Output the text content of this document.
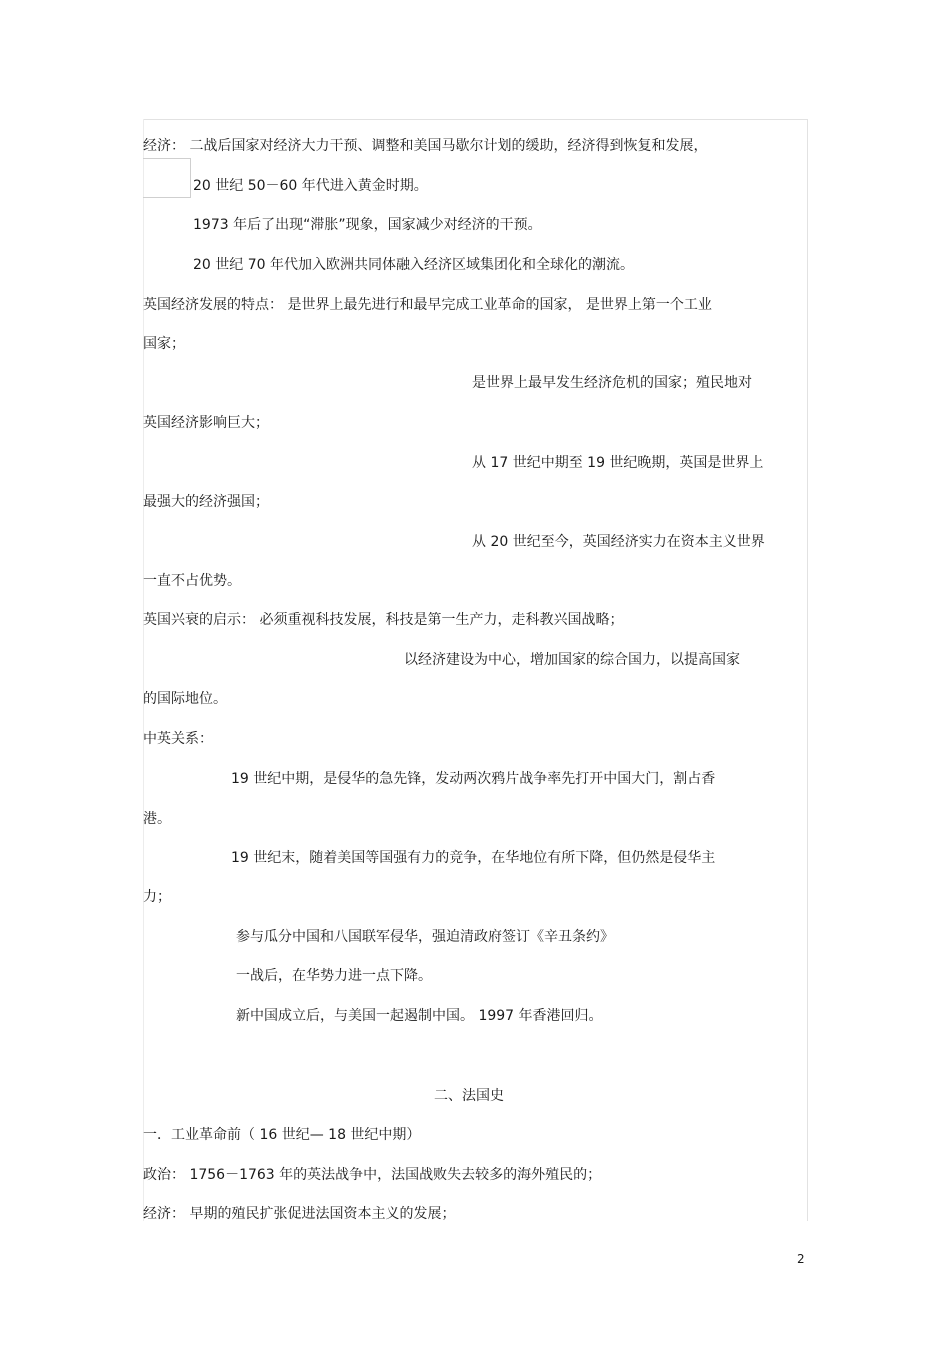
经济： 二战后国家对经济大力干预、调整和美国马歇尔计划的缓助，经济得到恢复和发展，
20 世纪 50－60 年代进入黄金时期。
1973 年后了出现“滞胀”现象，国家减少对经济的干预。
20 世纪 70 年代加入欧洲共同体融入经济区域集团化和全球化的潮流。
英国经济发展的特点： 是世界上最先进行和最早完成工业革命的国家， 是世界上第一个工业
国家；
是世界上最早发生经济危机的国家；殖民地对
英国经济影响巨大；
从 17 世纪中期至 19 世纪晚期，英国是世界上
最强大的经济强国；
从 20 世纪至今，英国经济实力在资本主义世界
一直不占优势。
英国兴衰的启示： 必须重视科技发展，科技是第一生产力，走科教兴国战略；
以经济建设为中心，增加国家的综合国力，以提高国家
的国际地位。
中英关系：
19 世纪中期，是侵华的急先锋，发动两次鸦片战争率先打开中国大门，割占香
港。
19 世纪末，随着美国等国强有力的竞争，在华地位有所下降，但仍然是侵华主
力；
参与瓜分中国和八国联军侵华，强迫清政府签订《辛丑条约》
一战后，在华势力进一点下降。
新中国成立后，与美国一起遏制中国。 1997 年香港回归。
二、法国史
一．工业革命前（ 16 世纪— 18 世纪中期）
政治： 1756－1763 年的英法战争中，法国战败失去较多的海外殖民的；
经济： 早期的殖民扩张促进法国资本主义的发展；
2
